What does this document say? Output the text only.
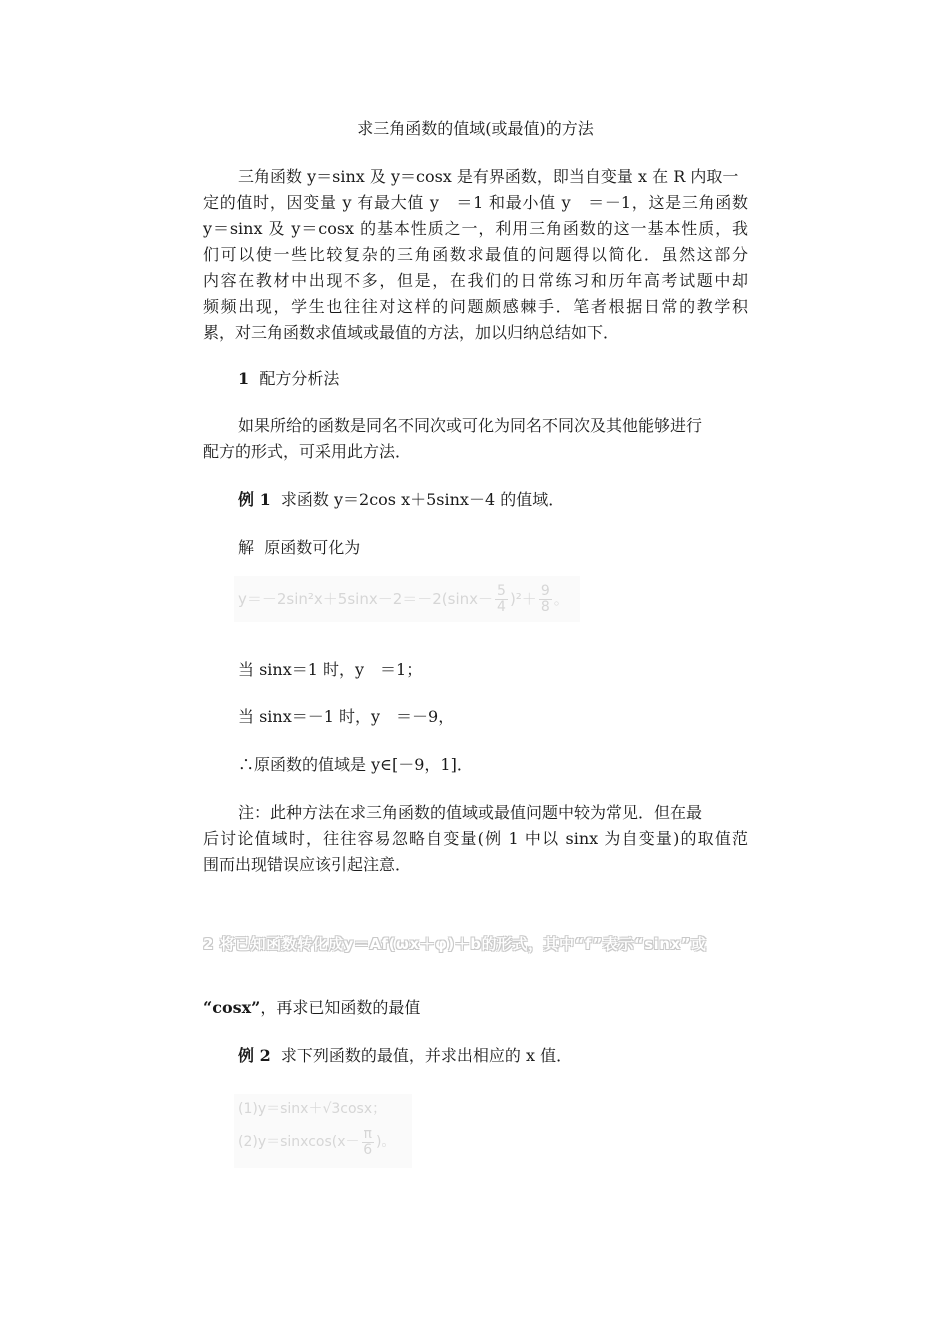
求三角函数的值域(或最值)的方法
三角函数 y＝sinx 及 y＝cosx 是有界函数，即当自变量 x 在 R 内取一
定的值时，因变量 y 有最大值 y　＝1 和最小值 y　＝－1，这是三角函数
y＝sinx 及 y＝cosx 的基本性质之一，利用三角函数的这一基本性质，我
们可以使一些比较复杂的三角函数求最值的问题得以简化．虽然这部分
内容在教材中出现不多，但是，在我们的日常练习和历年高考试题中却
频频出现，学生也往往对这样的问题颇感棘手．笔者根据日常的教学积
累，对三角函数求值域或最值的方法，加以归纳总结如下．
1 配方分析法
如果所给的函数是同名不同次或可化为同名不同次及其他能够进行
配方的形式，可采用此方法．
例 1 求函数 y＝2cos x＋5sinx－4 的值域．
解 原函数可化为
$y=-2\sin^2x+5\sin x-2=-2(\sin x- \frac{5}{4} )^2+ \frac{9}{8}$ 。
当 sinx＝1 时，y　＝1；
当 sinx＝－1 时，y　＝－9，
∴原函数的值域是 y∈[－9，1]．
注：此种方法在求三角函数的值域或最值问题中较为常见．但在最
后讨论值域时，往往容易忽略自变量(例 1 中以 sinx 为自变量)的取值范
围而出现错误应该引起注意．
2 将已知函数转化成y＝Af(ωx＋φ)＋b的形式，其中“f”表示“sinx”或
“cosx”，再求已知函数的最值
例 2 求下列函数的最值，并求出相应的 x 值．
(1)y＝sinx＋√3cosx；
(2)y＝sinxcos(x－ $\frac{\pi}{6}$ )。
